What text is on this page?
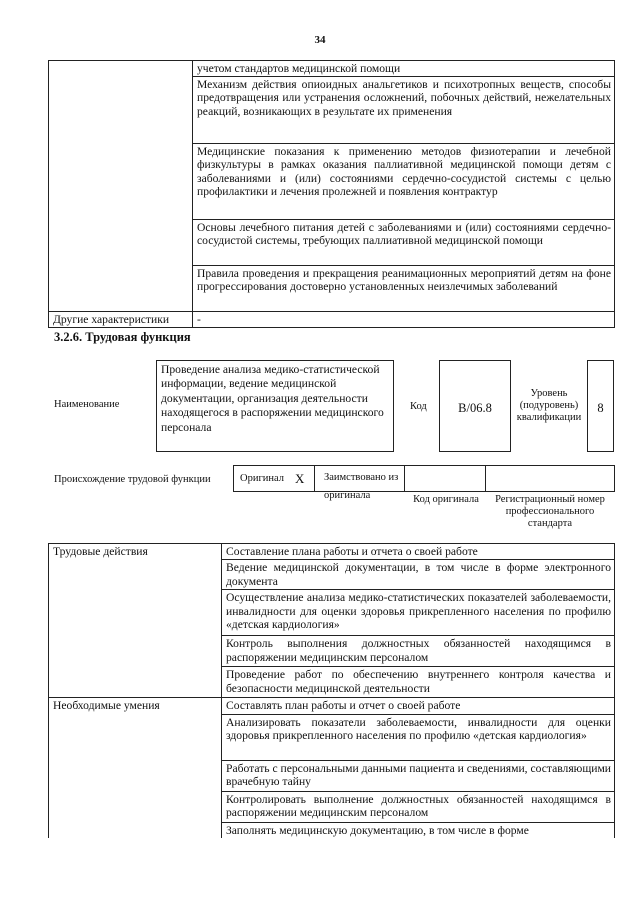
34
	учетом стандартов медицинской помощи
	Механизм действия опиоидных анальгетиков и психотропных веществ, способы предотвращения или устранения осложнений, побочных действий, нежелательных реакций, возникающих в результате их применения
	Медицинские показания к применению методов физиотерапии и лечебной физкультуры в рамках оказания паллиативной медицинской помощи детям с заболеваниями и (или) состояниями сердечно-сосудистой системы с целью профилактики и лечения пролежней и появления контрактур
	Основы лечебного питания детей с заболеваниями и (или) состояниями сердечно-сосудистой системы, требующих паллиативной медицинской помощи
	Правила проведения и прекращения реанимационных мероприятий детям на фоне прогрессирования достоверно установленных неизлечимых заболеваний
Другие характеристики	-
3.2.6. Трудовая функция
Наименование
Проведение анализа медико-статистической информации, ведение медицинской документации, организация деятельности находящегося в распоряжении медицинского персонала
Код	В/06.8
Уровень (подуровень) квалификации
8
Происхождение трудовой функции	Оригинал X	Заимствовано из оригинала	Код оригинала	Регистрационный номер профессионального стандарта
Трудовые действия	Составление плана работы и отчета о своей работе
	Ведение медицинской документации, в том числе в форме электронного документа
	Осуществление анализа медико-статистических показателей заболеваемости, инвалидности для оценки здоровья прикрепленного населения по профилю «детская кардиология»
	Контроль выполнения должностных обязанностей находящимся в распоряжении медицинским персоналом
	Проведение работ по обеспечению внутреннего контроля качества и безопасности медицинской деятельности
Необходимые умения	Составлять план работы и отчет о своей работе
	Анализировать показатели заболеваемости, инвалидности для оценки здоровья прикрепленного населения по профилю «детская кардиология»
	Работать с персональными данными пациента и сведениями, составляющими врачебную тайну
	Контролировать выполнение должностных обязанностей находящимся в распоряжении медицинским персоналом
	Заполнять медицинскую документацию, в том числе в форме
